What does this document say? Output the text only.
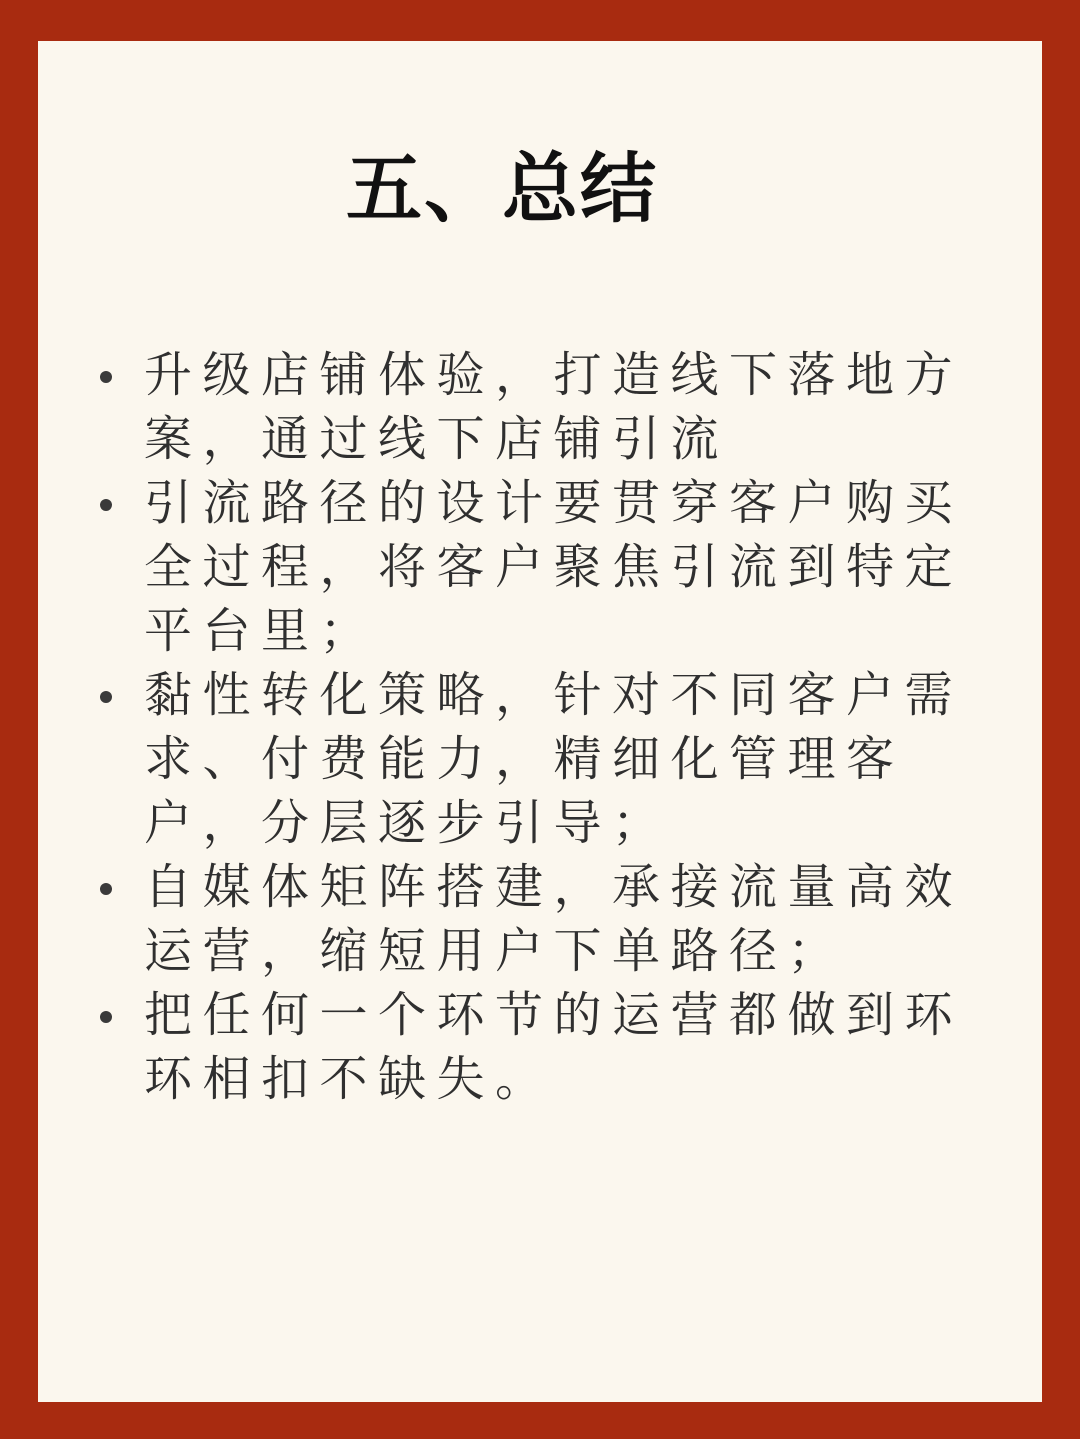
五、总结
升级店铺体验，打造线下落地方案，通过线下店铺引流
引流路径的设计要贯穿客户购买全过程，将客户聚焦引流到特定平台里；
黏性转化策略，针对不同客户需求、付费能力，精细化管理客户，分层逐步引导；
自媒体矩阵搭建，承接流量高效运营，缩短用户下单路径；
把任何一个环节的运营都做到环环相扣不缺失。
